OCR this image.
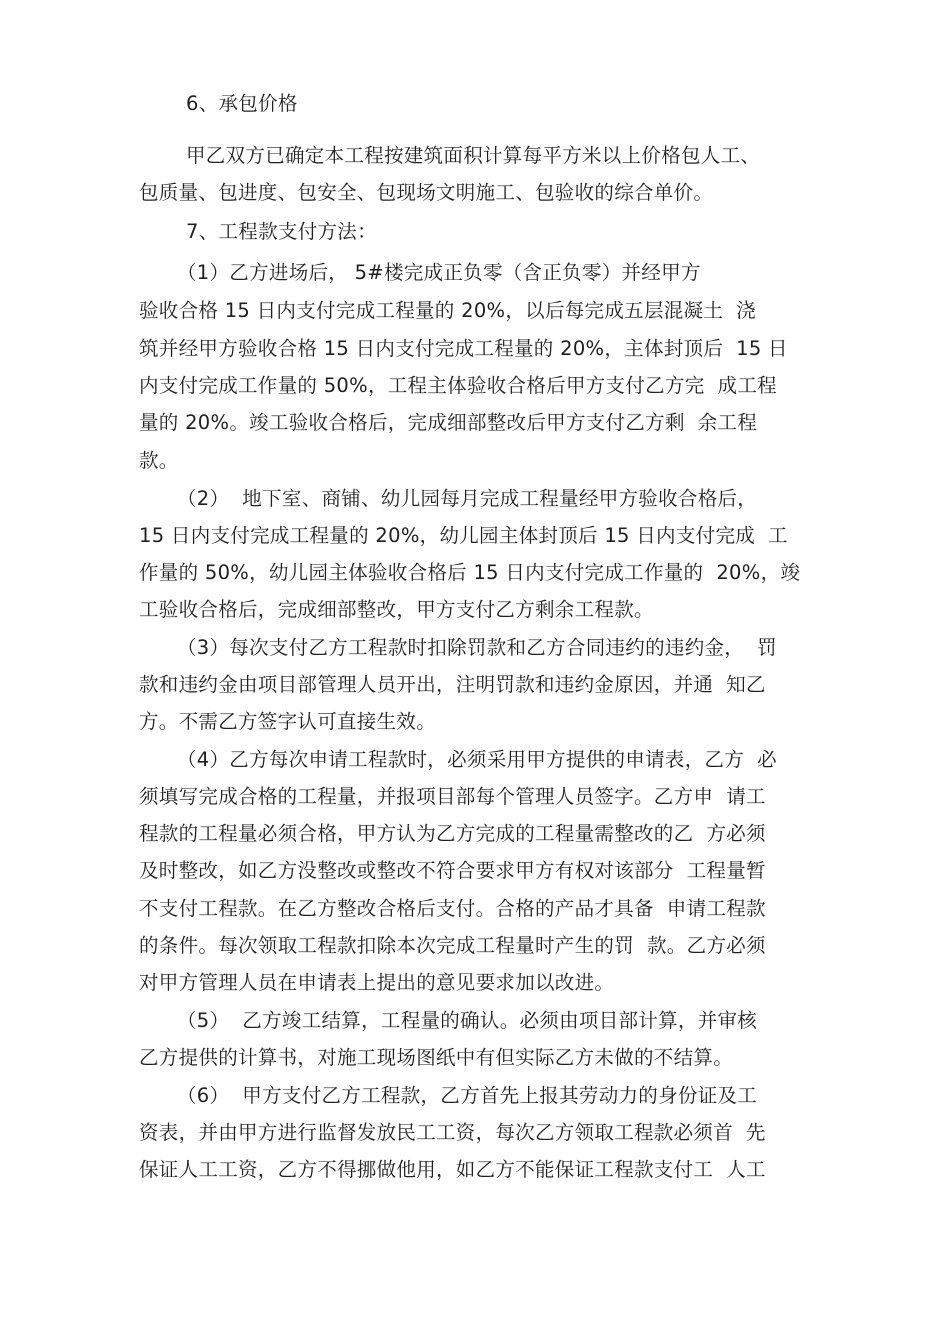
6、承包价格
甲乙双方已确定本工程按建筑面积计算每平方米以上价格包人工、
包质量、包进度、包安全、包现场文明施工、包验收的综合单价。
7、工程款支付方法：
（1）乙方进场后， 5#楼完成正负零（含正负零）并经甲方
验收合格 15 日内支付完成工程量的 20%，以后每完成五层混凝土  浇
筑并经甲方验收合格 15 日内支付完成工程量的 20%，主体封顶后  15 日
内支付完成工作量的 50%，工程主体验收合格后甲方支付乙方完  成工程
量的 20%。竣工验收合格后，完成细部整改后甲方支付乙方剩  余工程
款。
（2）  地下室、商铺、幼儿园每月完成工程量经甲方验收合格后，
15 日内支付完成工程量的 20%，幼儿园主体封顶后 15 日内支付完成  工
作量的 50%，幼儿园主体验收合格后 15 日内支付完成工作量的  20%，竣
工验收合格后，完成细部整改，甲方支付乙方剩余工程款。
（3）每次支付乙方工程款时扣除罚款和乙方合同违约的违约金，  罚
款和违约金由项目部管理人员开出，注明罚款和违约金原因，并通  知乙
方。不需乙方签字认可直接生效。
（4）乙方每次申请工程款时，必须采用甲方提供的申请表，乙方  必
须填写完成合格的工程量，并报项目部每个管理人员签字。乙方申  请工
程款的工程量必须合格，甲方认为乙方完成的工程量需整改的乙  方必须
及时整改，如乙方没整改或整改不符合要求甲方有权对该部分  工程量暂
不支付工程款。在乙方整改合格后支付。合格的产品才具备  申请工程款
的条件。每次领取工程款扣除本次完成工程量时产生的罚  款。乙方必须
对甲方管理人员在申请表上提出的意见要求加以改进。
（5）  乙方竣工结算，工程量的确认。必须由项目部计算，并审核
乙方提供的计算书，对施工现场图纸中有但实际乙方未做的不结算。
（6）  甲方支付乙方工程款，乙方首先上报其劳动力的身份证及工
资表，并由甲方进行监督发放民工工资，每次乙方领取工程款必须首  先
保证人工工资，乙方不得挪做他用，如乙方不能保证工程款支付工  人工
